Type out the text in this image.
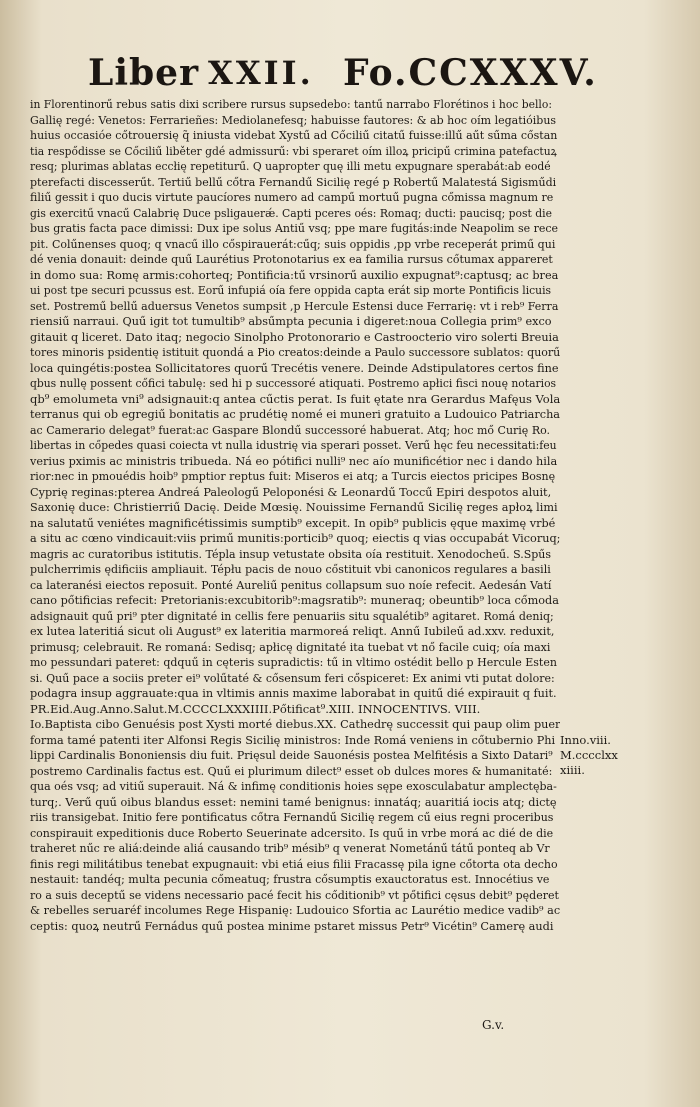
Liber XXII. Fo.CCXXXV.
in Florentinorű rebus satis dixi scribere rursus supsedebo: tantű narrabo Florétinos i hoc bello:
Gallię regé: Venetos: Ferrarieñes: Mediolanefesq; habuisse fautores: & ab hoc oím legatióibus
huius occasióe cőtrouersię q̃ iniusta videbat Xystű ad Cőciliű citatű fuisse:illű aűt sűma cőstan
tia respődisse se Cőciliű liběter gdé admissurű: vbi speraret oím illoꝝ pricipű crimina patefactuꝝ
resq; plurimas ablatas eccłię repetiturű. Q uapropter quę illi metu expugnare sperabát:ab eodé
pterefacti discesserűt. Tertiű bellű cőtra Fernandű Sicilię regé p Robertű Malatestá Sigisműdi
filiű gessit i quo ducis virtute paucíores numero ad campű mortuű pugna cőmissa magnum re
gis exercitű vnacű Calabrię Duce psligauerǽ. Capti pceres oés: Romaq; ducti: paucisq; post die
bus gratis facta pace dimissi: Dux ipe solus Antiű vsq; ppe mare fugitás:inde Neapolim se rece
pit. Colűnenses quoq; q vnacű illo cőspirauerát:cűq; suis oppidis ,pp vrbe receperát primű qui
dé venia donauit: deinde quű Laurétius Protonotarius ex ea familia rursus cőtumax appareret
in domo sua: Romę armis:cohorteq; Pontificia:tű vrsinorű auxilio expugnat⁹:captusq; ac brea
ui post tpe securi pcussus est. Eorű infupiá oía fere oppida capta erát sip morte Pontificis licuis
set. Postremű bellű aduersus Venetos sumpsit ,p Hercule Estensi duce Ferrarię: vt i reb⁹ Ferra
riensiű narraui. Quű igit tot tumultib⁹ absűmpta pecunia i digeret:noua Collegia prim⁹ exco
gitauit q liceret. Dato itaq; negocio Sinolpho Protonorario e Castroocterio viro solerti Breuia
tores minoris psidentię istituit quondá a Pio creatos:deinde a Paulo successore sublatos: quorű
loca quingétis:postea Sollicitatores quorű Trecétis venere. Deinde Adstipulatores certos fine
qbus nullę possent cőfici tabulę: sed hi p successoré atiquati. Postremo apłici fisci nouę notarios
qb⁹ emolumeta vni⁹ adsignauit:q antea cűctis perat. Is fuit ętate nra Gerardus Mafęus Vola
terranus qui ob egregiű bonitatis ac prudétię nomé ei muneri gratuito a Ludouico Patriarcha
ac Camerario delegat⁹ fuerat:ac Gaspare Blondű successoré habuerat. Atq; hoc mő Curię Ro.
libertas in cőpedes quasi coiecta vt nulla idustrię via sperari posset. Verű hęc feu necessitati:feu
verius pximis ac ministris tribueda. Ná eo pótifici nulli⁹ nec aío munificétior nec i dando hila
rior:nec in pmouédis hoib⁹ pmptior reptus fuit: Miseros ei atq; a Turcis eiectos pricipes Bosnę
Cyprię reginas:pterea Andreá Paleologű Peloponési & Leonardű Toccű Epiri despotos aluit,
Saxonię duce: Christierriű Dacię. Deide Mœsię. Nouissime Fernandű Sicilię reges apłoꝝ limi
na salutatű veniétes magnificétissimis sumptib⁹ excepit. In opib⁹ publicis ęque maximę vrbé
a situ ac cœno vindicauit:viis primű munitis:porticib⁹ quoq; eiectis q vias occupabát Vicoruq;
magris ac curatoribus istitutis. Tépla insup vetustate obsita oía restituit. Xenodocheű. S.Spűs
pulcherrimis ędificiis ampliauit. Tépłu pacis de nouo cőstituit vbi canonicos regulares a basili
ca lateranési eiectos reposuit. Ponté Aureliű penitus collapsum suo noíe refecit. Aedesán Vatí
cano pőtificias refecit: Pretorianis:excubitorib⁹:magsratib⁹: muneraq; obeuntib⁹ loca cőmoda
adsignauit quű pri⁹ pter dignitaté in cellis fere penuariis situ squalétib⁹ agitaret. Romá deniq;
ex lutea lateritiá sicut oli August⁹ ex lateritia marmoreá reliqt. Annű Iubileű ad.xxv. reduxit,
primusq; celebrauit. Re romaná: Sedisq; apłicę dignitaté ita tuebat vt nő facile cuiq; oía maxi
mo pessundari pateret: qdquű in cęteris supradictis: tű in vltimo ostédit bello p Hercule Esten
si. Quű pace a sociis preter ei⁹ volűtaté & cősensum feri cőspiceret: Ex animi vti putat dolore:
podagra insup aggrauate:qua in vltimis annis maxime laborabat in quitű dié expirauit q fuit.
PR.Eid.Aug.Anno.Salut.M.CCCCLXXXIIII.Pőtificat⁹.XIII. INNOCENTIVS. VIII.
Io.Baptista cibo Genuésis post Xysti morté diebus.XX. Cathedrę successit qui paup olim puer
forma tamé patenti iter Alfonsi Regis Sicilię ministros: Inde Romá veniens in cőtubernio Phi
lippi Cardinalis Bononiensis diu fuit. Prięsul deide Sauonésis postea Melfitésis a Sixto Datari⁹
postremo Cardinalis factus est. Quű ei plurimum dilect⁹ esset ob dulces mores & humanitaté:
qua oés vsq; ad vitiű superauit. Ná & infimę conditionis hoies sępe exosculabatur amplectęba-
turq;. Verű quű oibus blandus esset: nemini tamé benignus: innatáq; auaritiá iocis atq; dictę
riis transigebat. Initio fere pontificatus cőtra Fernandű Sicilię regem cű eius regni proceribus
conspirauit expeditionis duce Roberto Seuerinate adcersito. Is quű in vrbe morá ac dié de die
traheret nűc re aliá:deinde aliá causando trib⁹ mésib⁹ q venerat Nometánű tátű ponteq ab Vr
finis regi militátibus tenebat expugnauit: vbi etiá eius filii Fracassę pila igne cőtorta ota decho
nestauit: tandéq; multa pecunia cőmeatuq; frustra cősumptis exauctoratus est. Innocétius ve
ro a suis deceptű se videns necessario pacé fecit his cőditionib⁹ vt pőtifici cęsus debit⁹ pęderet
& rebelles seruaréf incolumes Rege Hispanię: Ludouico Sfortia ac Laurétio medice vadib⁹ ac
ceptis: quoꝝ neutrű Fernádus quű postea minime pstaret missus Petr⁹ Vicétin⁹ Camerę audi
Inno.viii.
M.cccclxx
xiiii.
G.v.
